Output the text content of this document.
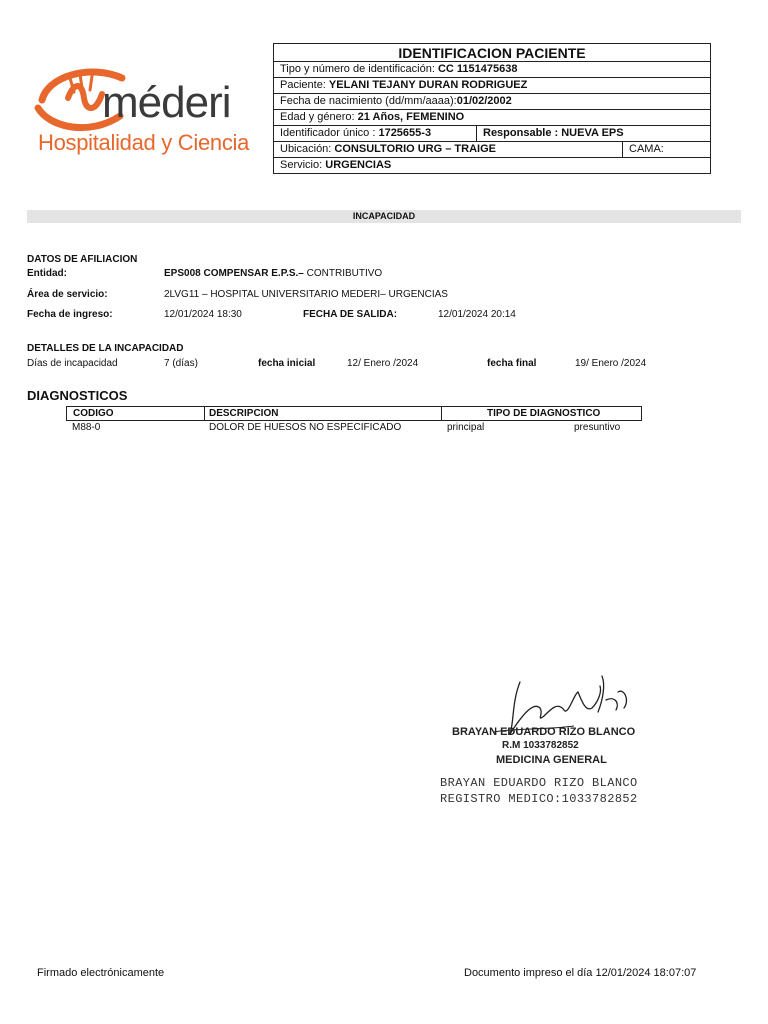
méderi
Hospitalidad y Ciencia
IDENTIFICACION PACIENTE
Tipo y número de identificación: CC 1151475638
Paciente: YELANI TEJANY DURAN RODRIGUEZ
Fecha de nacimiento (dd/mm/aaaa):01/02/2002
Edad y género: 21 Años, FEMENINO
Identificador único : 1725655-3	Responsable : NUEVA EPS
Ubicación: CONSULTORIO URG – TRAIGE	CAMA:
Servicio: URGENCIAS
INCAPACIDAD
DATOS DE AFILIACION
Entidad:	EPS008 COMPENSAR E.P.S.– CONTRIBUTIVO
Área de servicio:	2LVG11 – HOSPITAL UNIVERSITARIO MEDERI– URGENCIAS
Fecha de ingreso:	12/01/2024 18:30	FECHA DE SALIDA:	12/01/2024 20:14
DETALLES DE LA INCAPACIDAD
Días de incapacidad	7 (días)	fecha inicial	12/ Enero /2024	fecha final	19/ Enero /2024
DIAGNOSTICOS
CODIGO	DESCRIPCION	TIPO DE DIAGNOSTICO
M88-0	DOLOR DE HUESOS NO ESPECIFICADO	principal	presuntivo
BRAYAN EDUARDO RIZO BLANCO
R.M 1033782852
MEDICINA GENERAL
BRAYAN EDUARDO RIZO BLANCO
REGISTRO MEDICO:1033782852
Firmado electrónicamente	Documento impreso el día 12/01/2024 18:07:07
